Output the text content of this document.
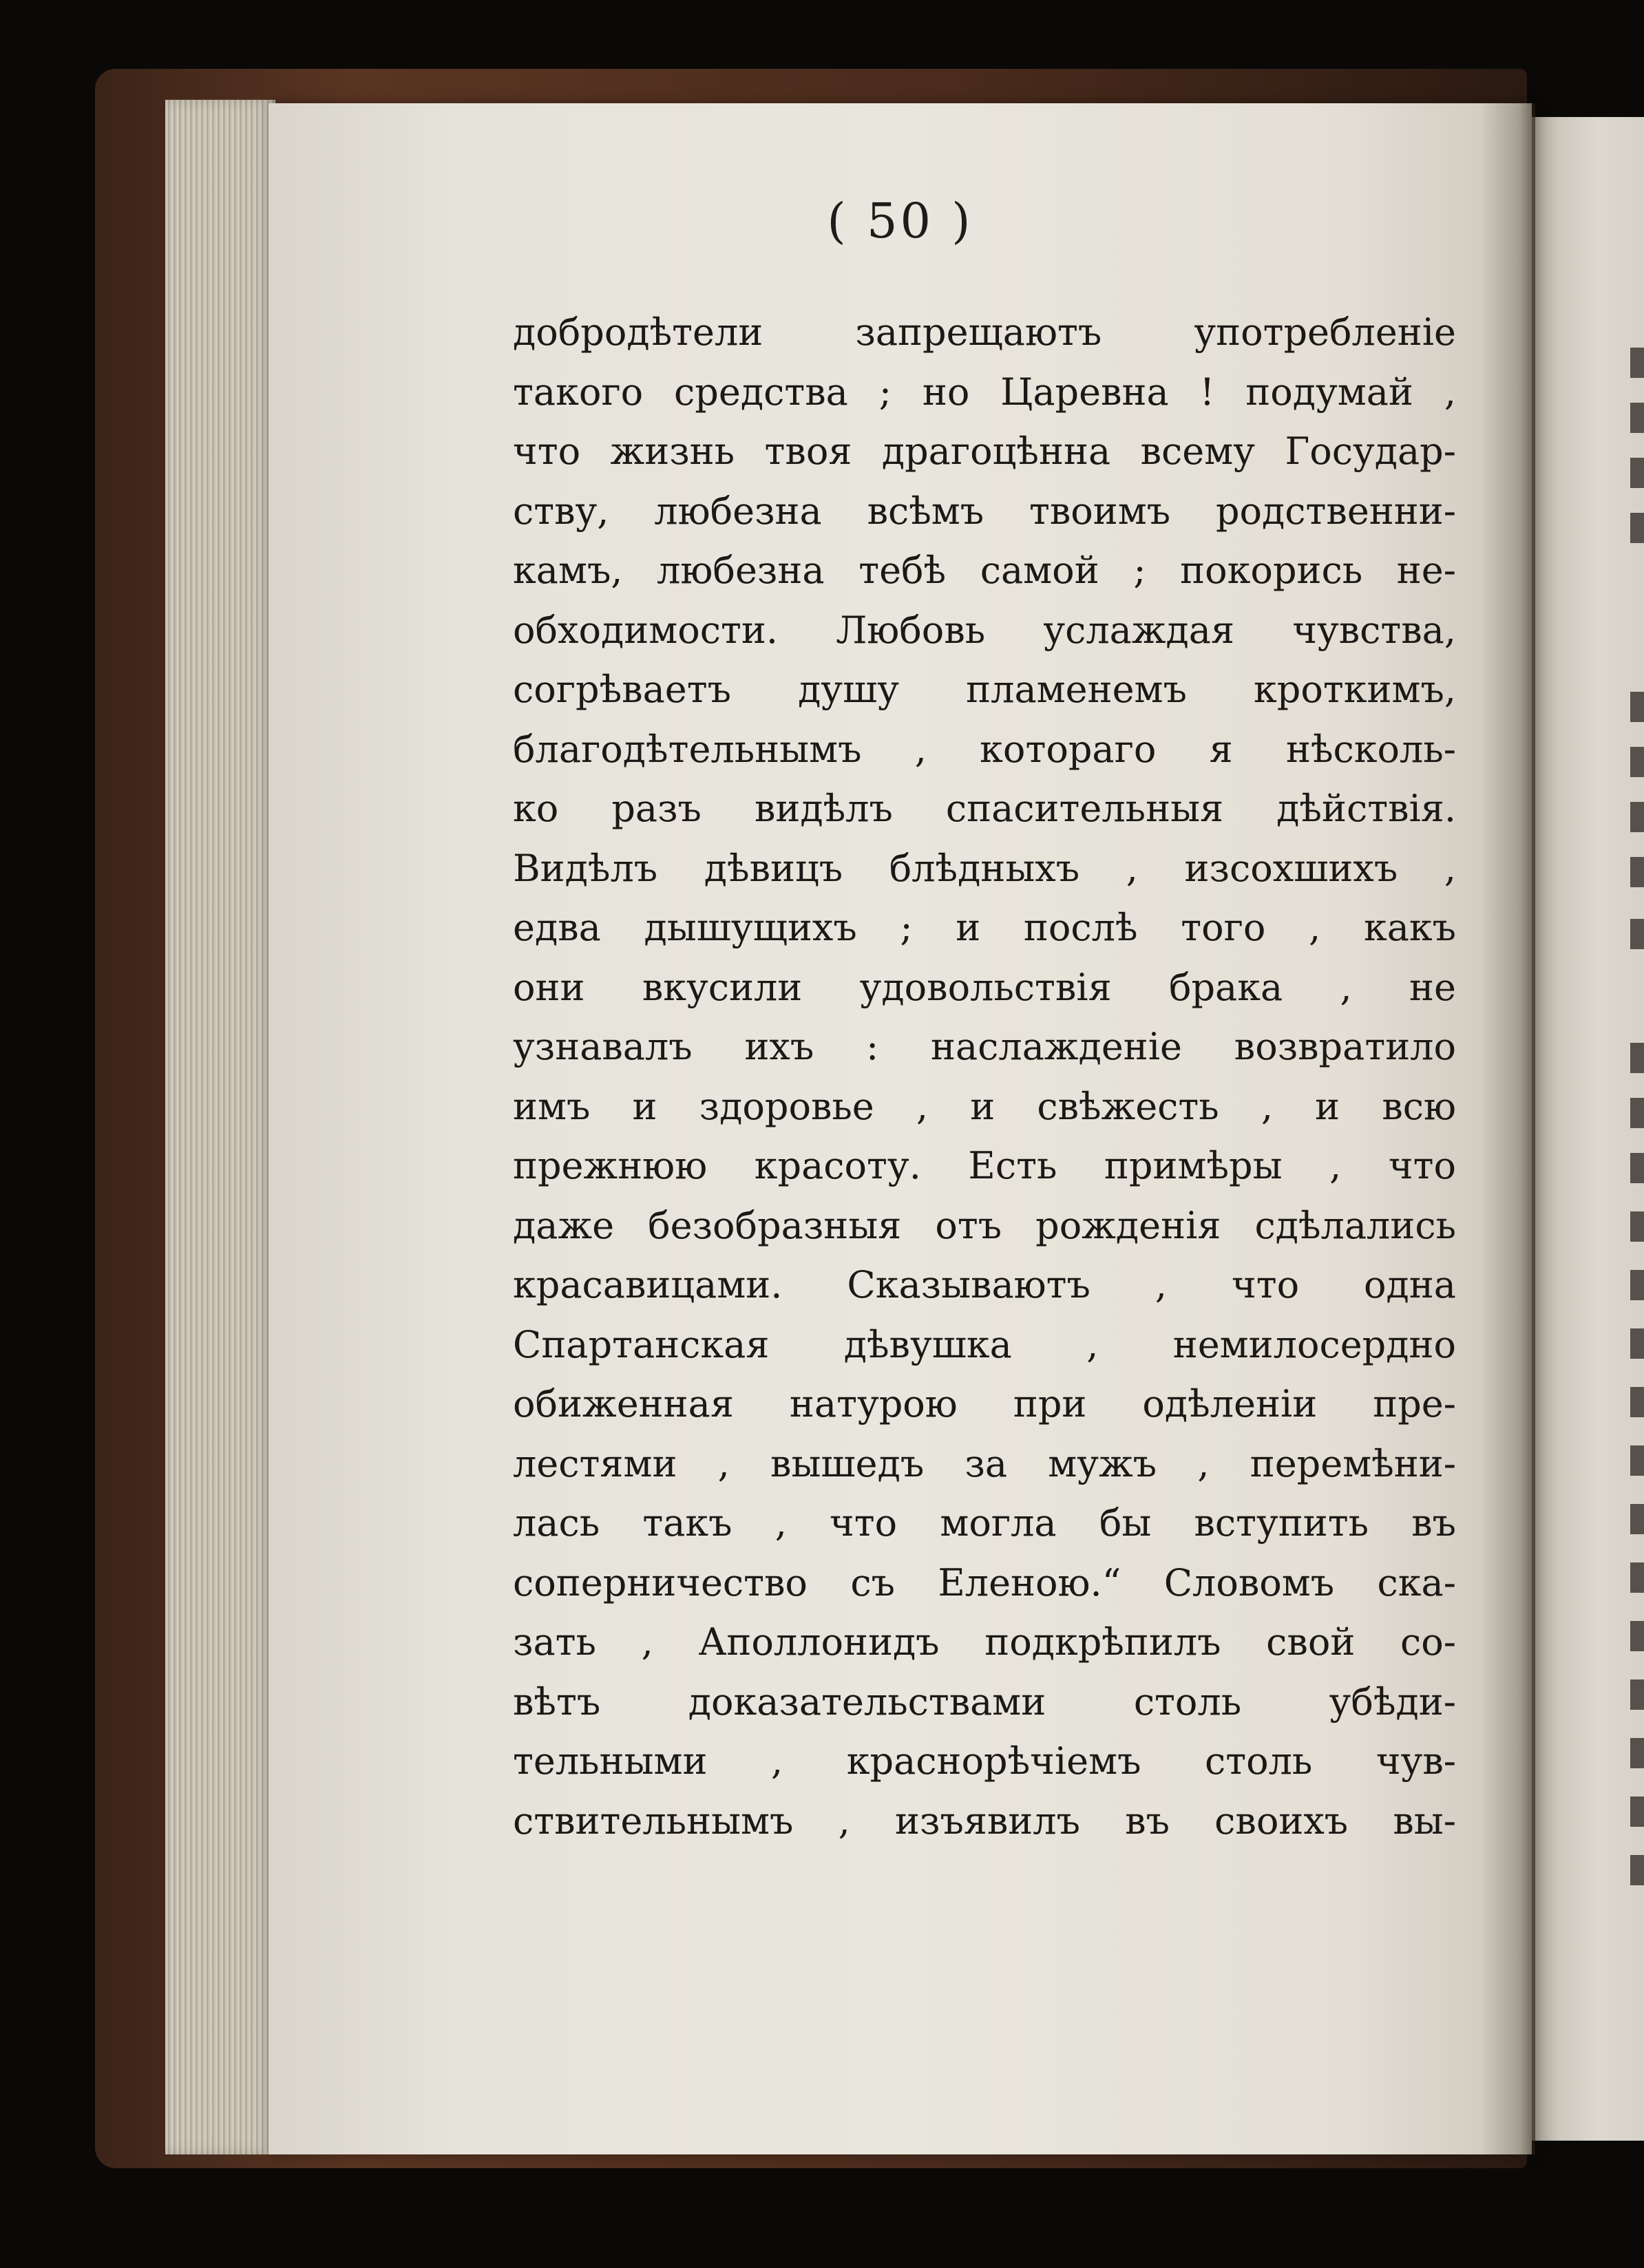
( 50 )
добродѣтели запрещаютъ употребленіе
такого средства ; но Царевна ! подумай ,
что жизнь твоя драгоцѣнна всему Государ-
ству, любезна всѣмъ твоимъ родственни-
камъ, любезна тебѣ самой ; покорись не-
обходимости. Любовь услаждая чувства,
согрѣваетъ душу пламенемъ кроткимъ,
благодѣтельнымъ , котораго я нѣсколь-
ко разъ видѣлъ спасительныя дѣйствія.
Видѣлъ дѣвицъ блѣдныхъ , изсохшихъ ,
едва дышущихъ ; и послѣ того , какъ
они вкусили удовольствія брака , не
узнавалъ ихъ : наслажденіе возвратило
имъ и здоровье , и свѣжесть , и всю
прежнюю красоту. Есть примѣры , что
даже безобразныя отъ рожденія сдѣлались
красавицами. Сказываютъ , что одна
Спартанская дѣвушка , немилосердно
обиженная натурою при одѣленіи пре-
лестями , вышедъ за мужъ , перемѣни-
лась такъ , что могла бы вступить въ
соперничество съ Еленою.“ Словомъ ска-
зать , Аполлонидъ подкрѣпилъ свой со-
вѣтъ доказательствами столь убѣди-
тельными , краснорѣчіемъ столь чув-
ствительнымъ , изъявилъ въ своихъ вы-
